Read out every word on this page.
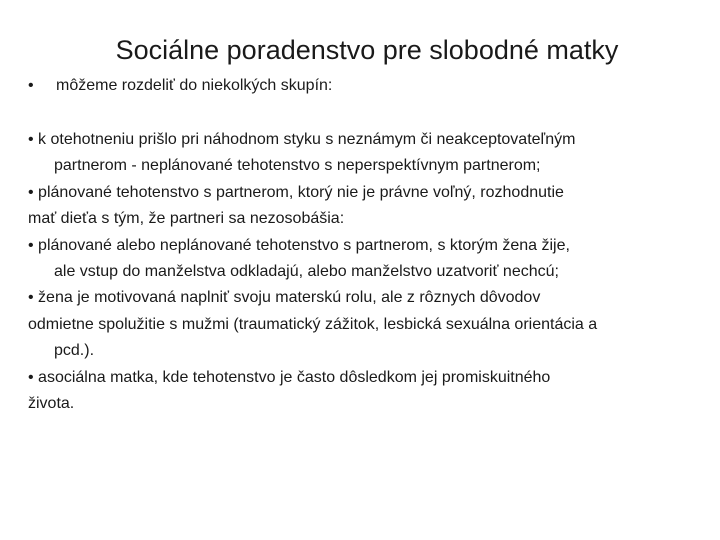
Sociálne poradenstvo pre slobodné matky
• môžeme rozdeliť do niekolkých skupín:
• k otehotneniu prišlo pri náhodnom styku s neznámym či neakceptovateľným
partnerom - neplánované tehotenstvo s neperspektívnym partnerom;
• plánované tehotenstvo s partnerom, ktorý nie je právne voľný, rozhodnutie
mať dieťa s tým, že partneri sa nezosobášia:
• plánované alebo neplánované tehotenstvo s partnerom, s ktorým žena žije,
ale vstup do manželstva odkladajú, alebo manželstvo uzatvoriť nechcú;
• žena je motivovaná naplniť svoju materskú rolu, ale z rôznych dôvodov
odmietne spolužitie s mužmi (traumatický zážitok, lesbická sexuálna orientácia a
pcd.).
• asociálna matka, kde tehotenstvo je často dôsledkom jej promiskuitného
života.
